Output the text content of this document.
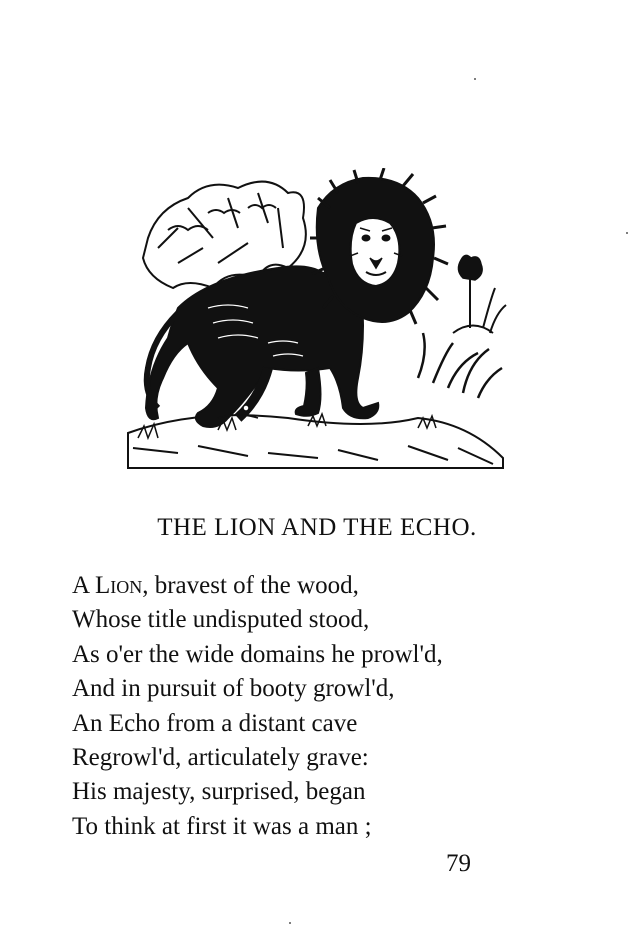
THE LION AND THE ECHO.
A Lion, bravest of the wood,
Whose title undisputed stood,
As o'er the wide domains he prowl'd,
And in pursuit of booty growl'd,
An Echo from a distant cave
Regrowl'd, articulately grave:
His majesty, surprised, began
To think at first it was a man ;
79
